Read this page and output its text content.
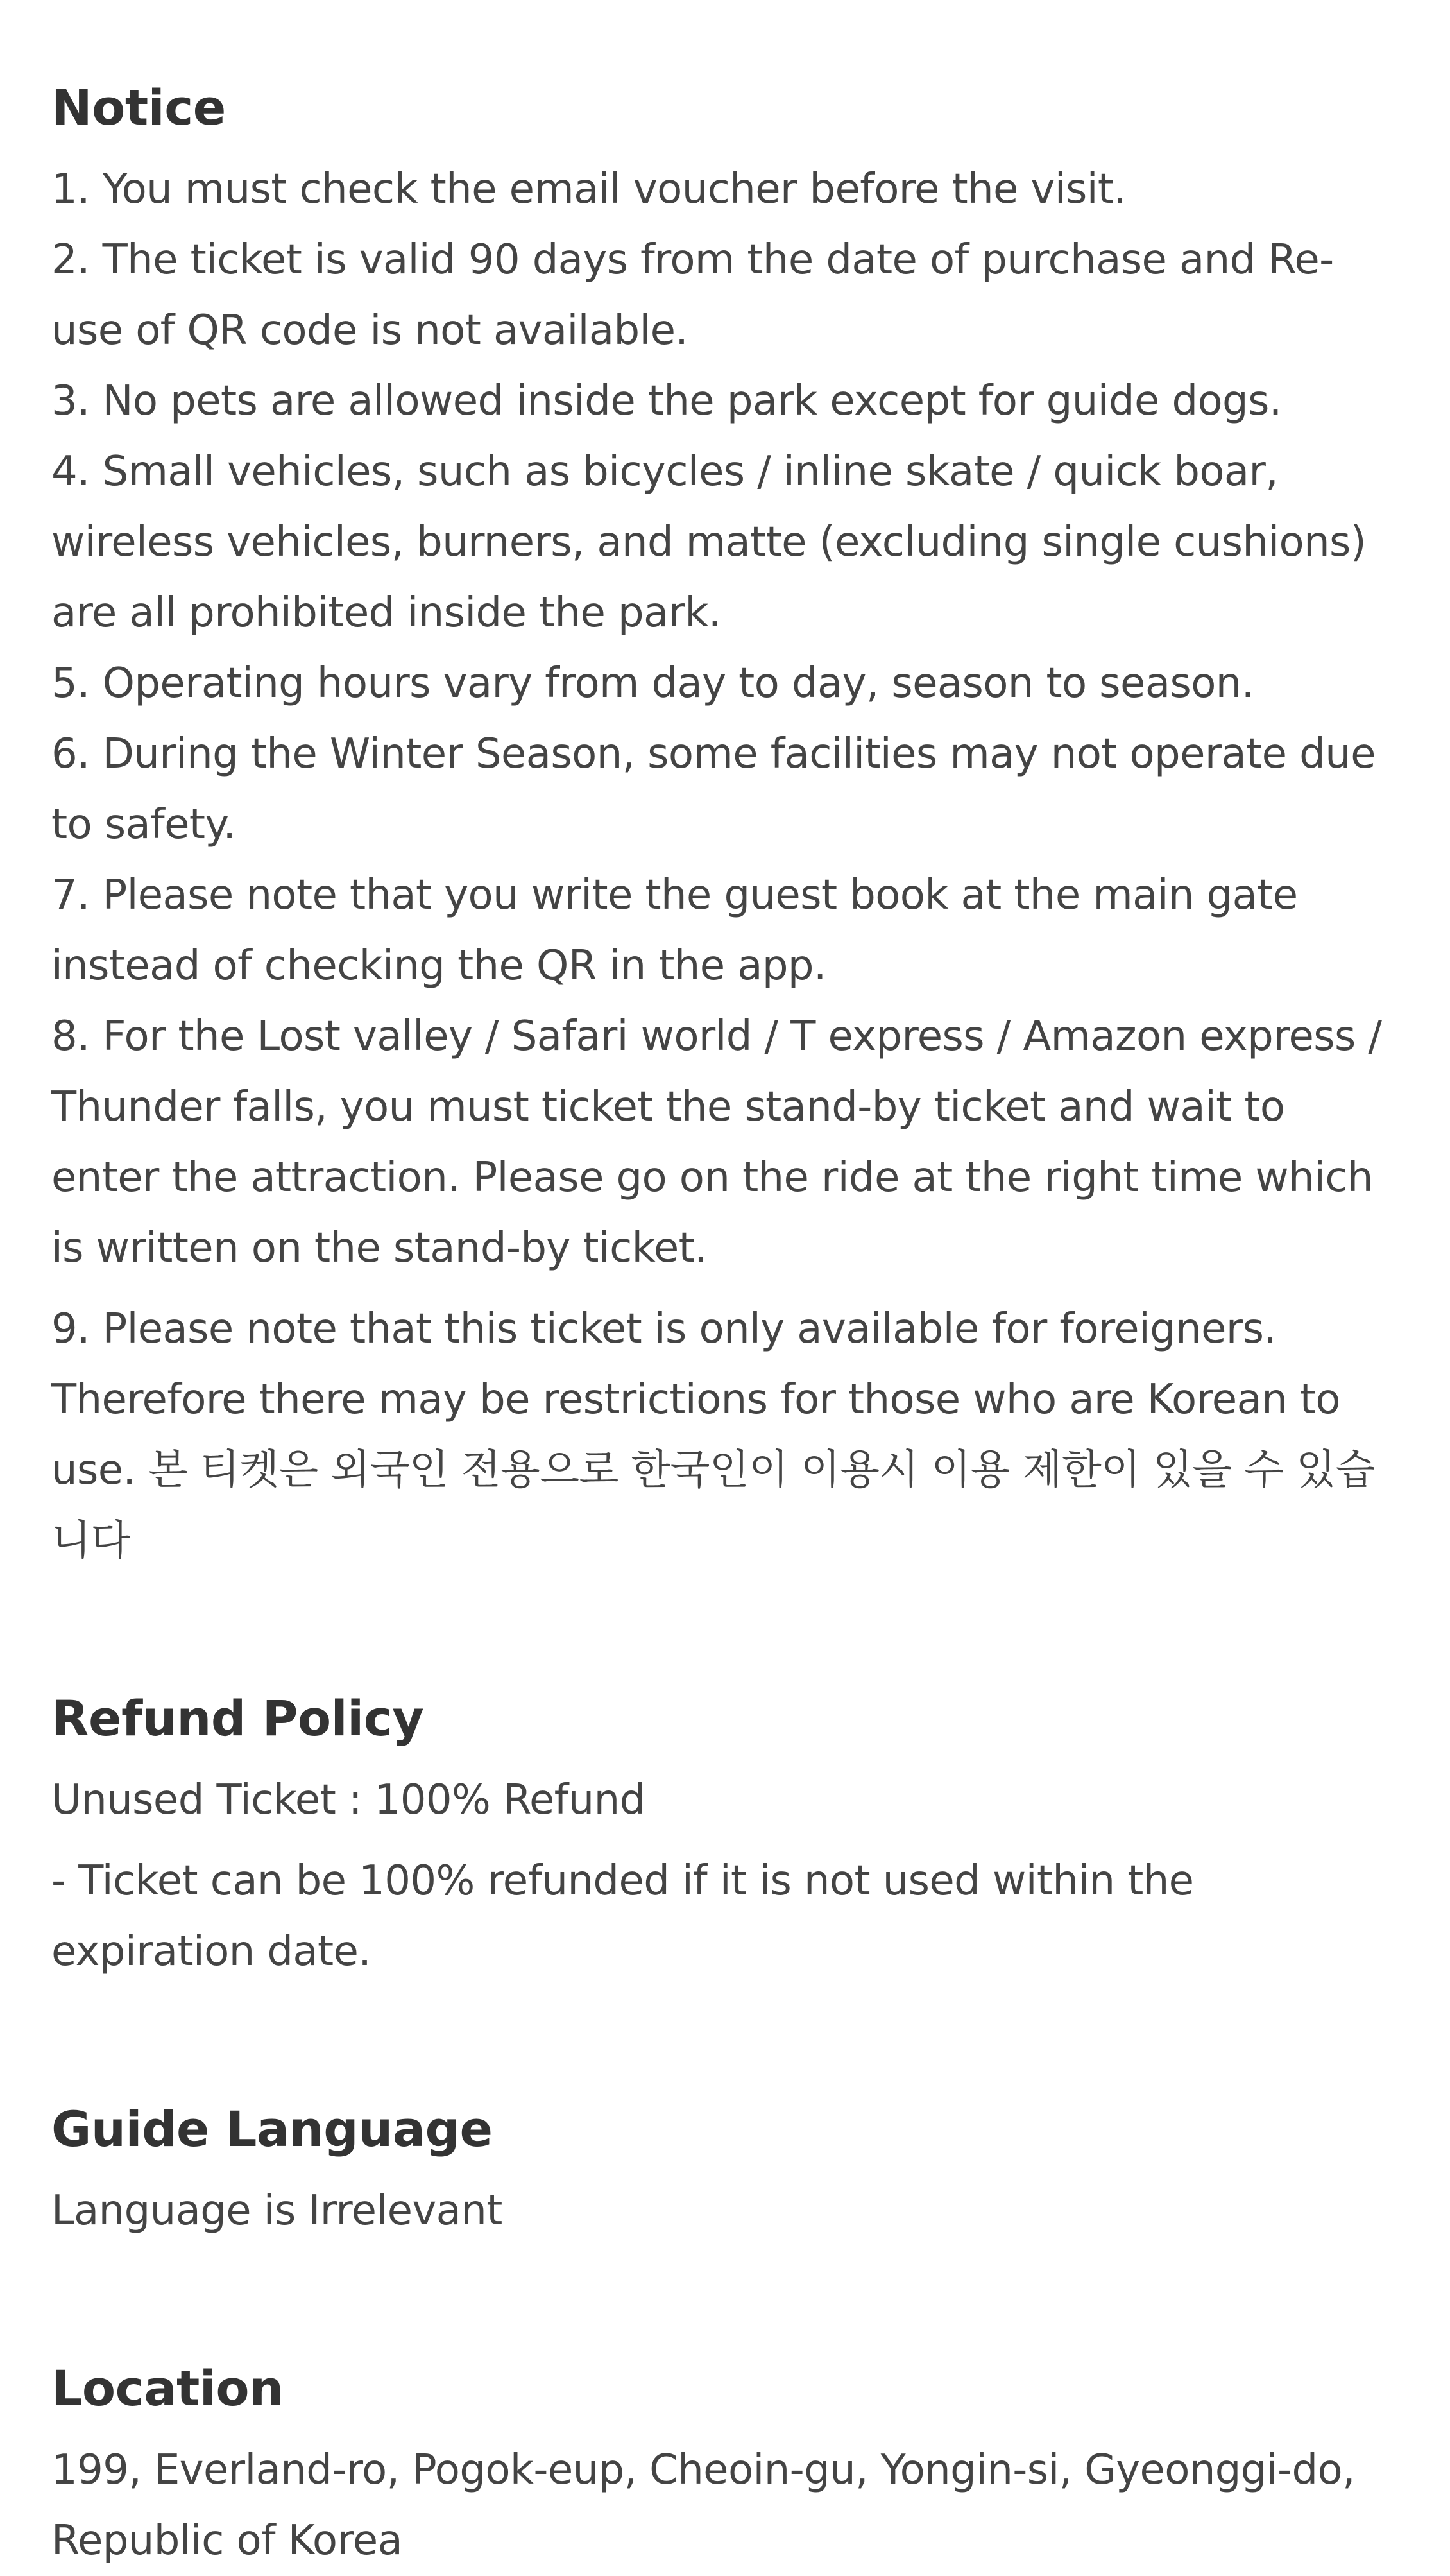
Notice

1. You must check the email voucher before the visit.

2. The ticket is valid 90 days from the date of purchase and Re-use of QR code is not available.

3. No pets are allowed inside the park except for guide dogs.

4. Small vehicles, such as bicycles / inline skate / quick boar, wireless vehicles, burners, and matte (excluding single cushions) are all prohibited inside the park.

5. Operating hours vary from day to day, season to season.

6. During the Winter Season, some facilities may not operate due to safety.

7. Please note that you write the guest book at the main gate instead of checking the QR in the app.

8. For the Lost valley / Safari world / T express / Amazon express / Thunder falls, you must ticket the stand-by ticket and wait to enter the attraction. Please go on the ride at the right time which is written on the stand-by ticket.

9. Please note that this ticket is only available for foreigners. Therefore there may be restrictions for those who are Korean to use. 본 티켓은 외국인 전용으로 한국인이 이용시 이용 제한이 있을 수 있습니다

Refund Policy

Unused Ticket : 100% Refund

- Ticket can be 100% refunded if it is not used within the expiration date.

Guide Language

Language is Irrelevant

Location

199, Everland-ro, Pogok-eup, Cheoin-gu, Yongin-si, Gyeonggi-do, Republic of Korea
